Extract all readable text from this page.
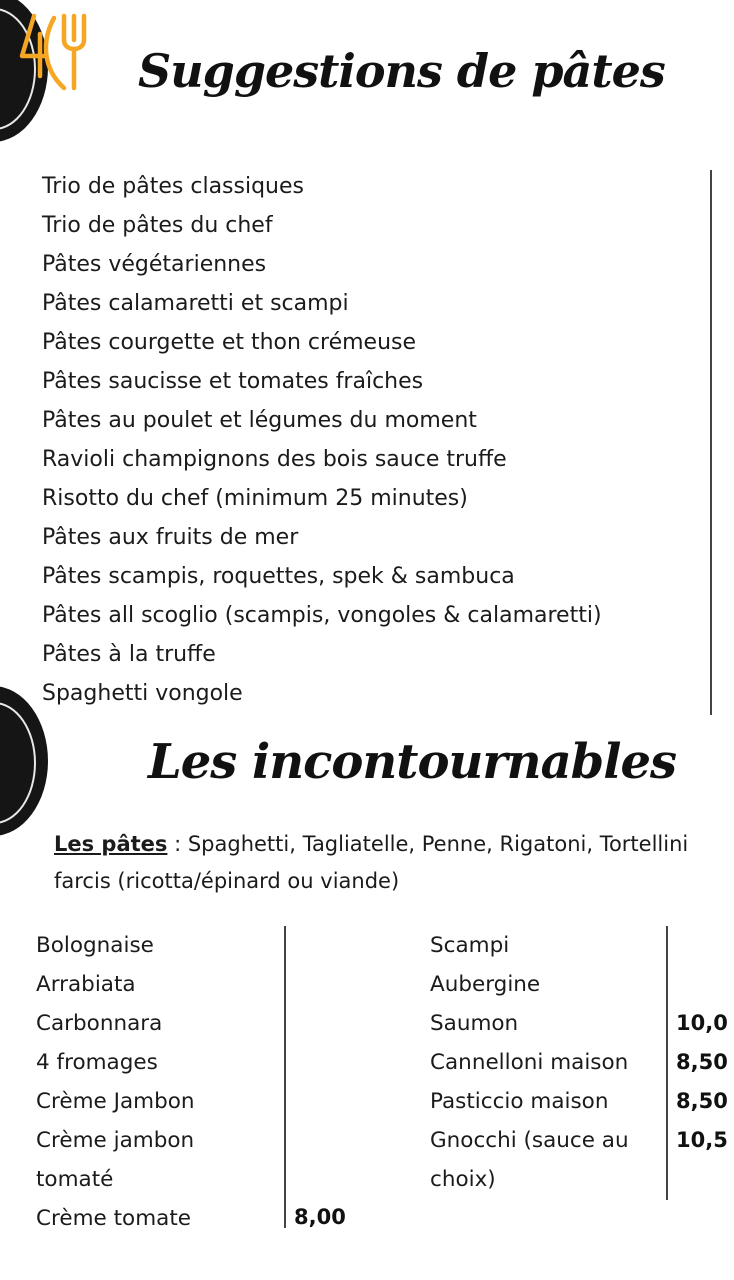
Suggestions de pâtes
Trio de pâtes classiques
Trio de pâtes du chef
Pâtes végétariennes
Pâtes calamaretti et scampi
Pâtes courgette et thon crémeuse
Pâtes saucisse et tomates fraîches
Pâtes au poulet et légumes du moment
Ravioli champignons des bois sauce truffe
Risotto du chef (minimum 25 minutes)
Pâtes aux fruits de mer
Pâtes scampis, roquettes, spek & sambuca
Pâtes all scoglio (scampis, vongoles & calamaretti)
Pâtes à la truffe
Spaghetti vongole
Les incontournables
Les pâtes : Spaghetti, Tagliatelle, Penne, Rigatoni, Tortellini
farcis (ricotta/épinard ou viande)
Bolognaise
Arrabiata
Carbonnara
4 fromages
Crème Jambon
Crème jambon
tomaté
Crème tomate	8,00
Scampi
Aubergine
Saumon
Cannelloni maison
Pasticcio maison
Gnocchi (sauce au
choix)
10,0
8,50
8,50
10,5
